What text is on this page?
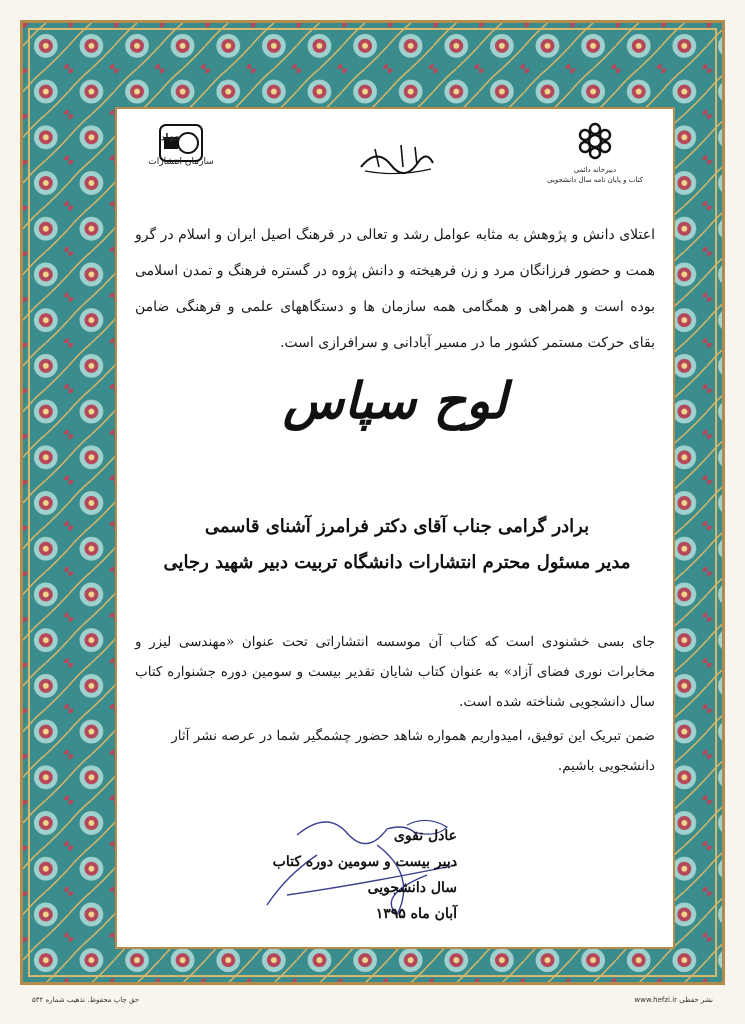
دبیرخانه دائمی
کتاب و پایان نامه سال دانشجویی
جهاد
سازمان انتشارات
اعتلای دانش و پژوهش به مثابه عوامل رشد و تعالی در فرهنگ اصیل ایران و اسلام در گرو همت و حضور فرزانگان مرد و زن فرهیخته و دانش پژوه در گستره فرهنگ و تمدن اسلامی بوده است و همراهی و همگامی همه سازمان ها و دستگاههای علمی و فرهنگی ضامن بقای حرکت مستمر کشور ما در مسیر آبادانی و سرافرازی است.
لوح سپاس
برادر گرامی جناب آقای دکتر فرامرز آشنای قاسمی
مدیر مسئول محترم انتشارات دانشگاه تربیت دبیر شهید رجایی
جای بسی خشنودی است که کتاب آن موسسه انتشاراتی تحت عنوان «مهندسی لیزر و مخابرات نوری فضای آزاد» به عنوان کتاب شایان تقدیر بیست و سومین دوره جشنواره کتاب سال دانشجویی شناخته شده است.
ضمن تبریک این توفیق، امیدواریم همواره شاهد حضور چشمگیر شما در عرصه نشر آثار دانشجویی باشیم.
عادل تقوی
دبیر بیست و سومین دوره کتاب سال دانشجویی
آبان ماه ۱۳۹۵
حق چاپ محفوظ. تذهیب شماره ۵۳۲	www.hefzi.ir نشر حفظی
